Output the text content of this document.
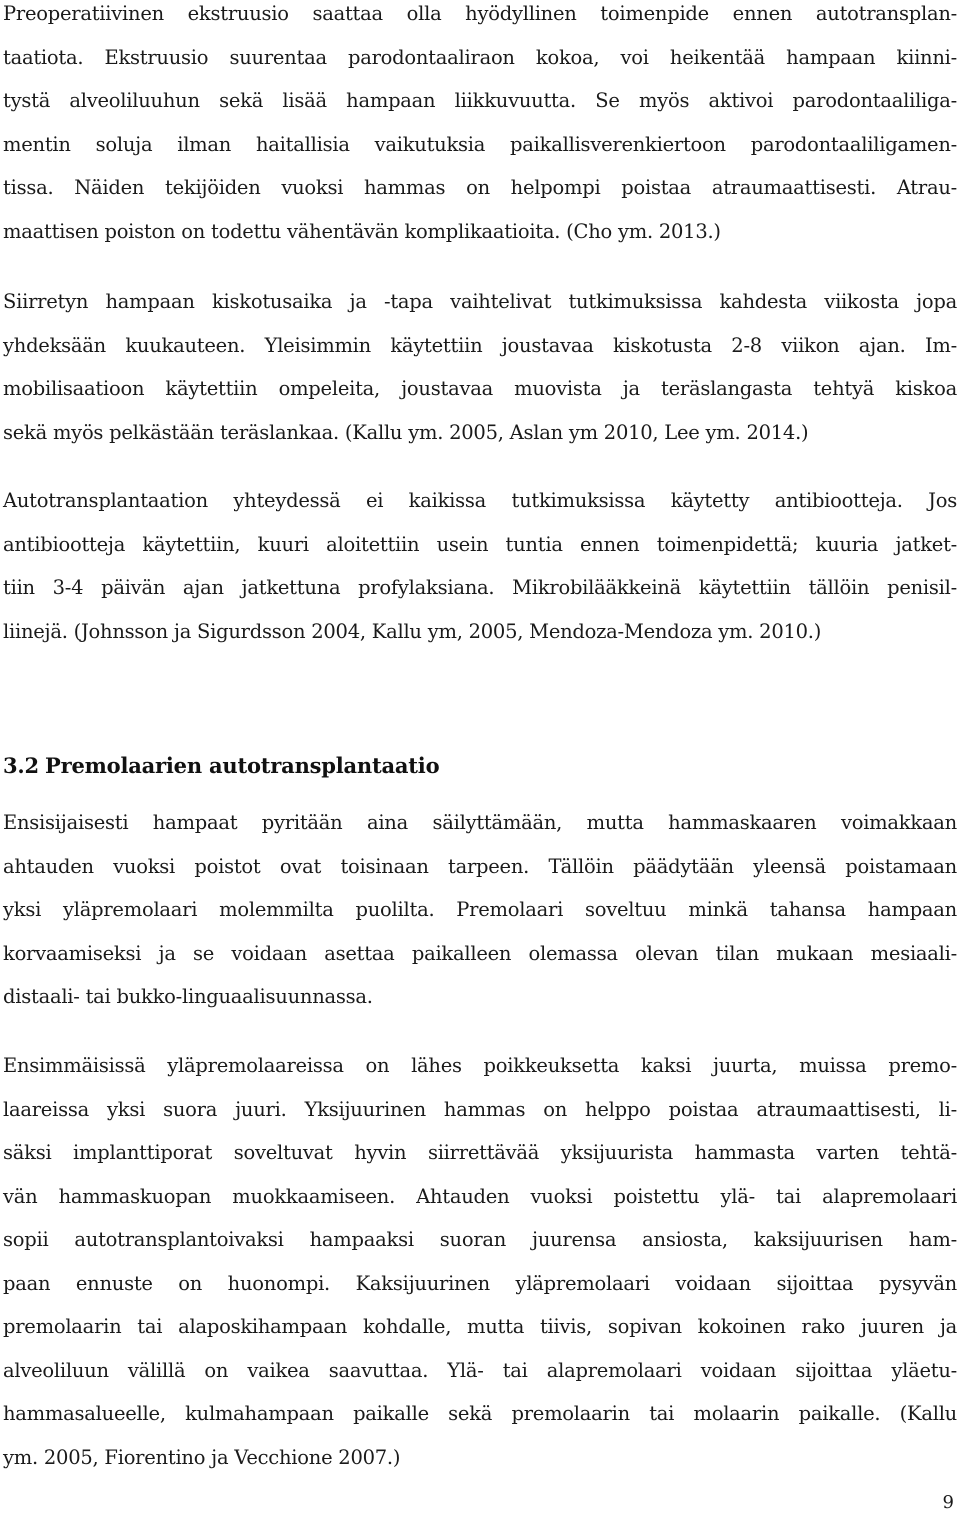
Preoperatiivinen ekstruusio saattaa olla hyödyllinen toimenpide ennen autotransplan-
taatiota. Ekstruusio suurentaa parodontaaliraon kokoa, voi heikentää hampaan kiinni-
tystä alveoliluuhun sekä lisää hampaan liikkuvuutta. Se myös aktivoi parodontaaliliga-
mentin soluja ilman haitallisia vaikutuksia paikallisverenkiertoon parodontaaliligamen-
tissa. Näiden tekijöiden vuoksi hammas on helpompi poistaa atraumaattisesti. Atrau-
maattisen poiston on todettu vähentävän komplikaatioita. (Cho ym. 2013.)
Siirretyn hampaan kiskotusaika ja -tapa vaihtelivat tutkimuksissa kahdesta viikosta jopa
yhdeksään kuukauteen. Yleisimmin käytettiin joustavaa kiskotusta 2-8 viikon ajan. Im-
mobilisaatioon käytettiin ompeleita, joustavaa muovista ja teräslangasta tehtyä kiskoa
sekä myös pelkästään teräslankaa. (Kallu ym. 2005, Aslan ym 2010, Lee ym. 2014.)
Autotransplantaation yhteydessä ei kaikissa tutkimuksissa käytetty antibioottеja. Jos
antibioottеja käytettiin, kuuri aloitettiin usein tuntia ennen toimenpidettä; kuuria jatket-
tiin 3-4 päivän ajan jatkettuna profylaksiana. Mikrobilääkkeinä käytettiin tällöin penisil-
liinejä. (Johnsson ja Sigurdsson 2004, Kallu ym, 2005, Mendoza-Mendoza ym. 2010.)
3.2 Premolaarien autotransplantaatio
Ensisijaisesti hampaat pyritään aina säilyttämään, mutta hammaskaaren voimakkaan
ahtauden vuoksi poistot ovat toisinaan tarpeen. Tällöin päädytään yleensä poistamaan
yksi yläpremolaari molemmilta puolilta. Premolaari soveltuu minkä tahansa hampaan
korvaamiseksi ja se voidaan asettaa paikalleen olemassa olevan tilan mukaan mesiaali-
distaali- tai bukko-linguaalisuunnassa.
Ensimmäisissä yläpremolaareissa on lähes poikkeuksetta kaksi juurta, muissa premo-
laareissa yksi suora juuri. Yksijuurinen hammas on helppo poistaa atraumaattisesti, li-
säksi implanttiporat soveltuvat hyvin siirrettävää yksijuurista hammasta varten tehtä-
vän hammaskuopan muokkaamiseen. Ahtauden vuoksi poistettu ylä- tai alapremolaari
sopii autotransplantoivaksi hampaaksi suoran juurensa ansiosta, kaksijuurisen ham-
paan ennuste on huonompi. Kaksijuurinen yläpremolaari voidaan sijoittaa pysyvän
premolaarin tai alaposkihampaan kohdalle, mutta tiivis, sopivan kokoinen rako juuren ja
alveoliluun välillä on vaikea saavuttaa. Ylä- tai alapremolaari voidaan sijoittaa yläetu-
hammasalueelle, kulmahampaan paikalle sekä premolaarin tai molaarin paikalle. (Kallu
ym. 2005, Fiorentino ja Vecchione 2007.)
9
